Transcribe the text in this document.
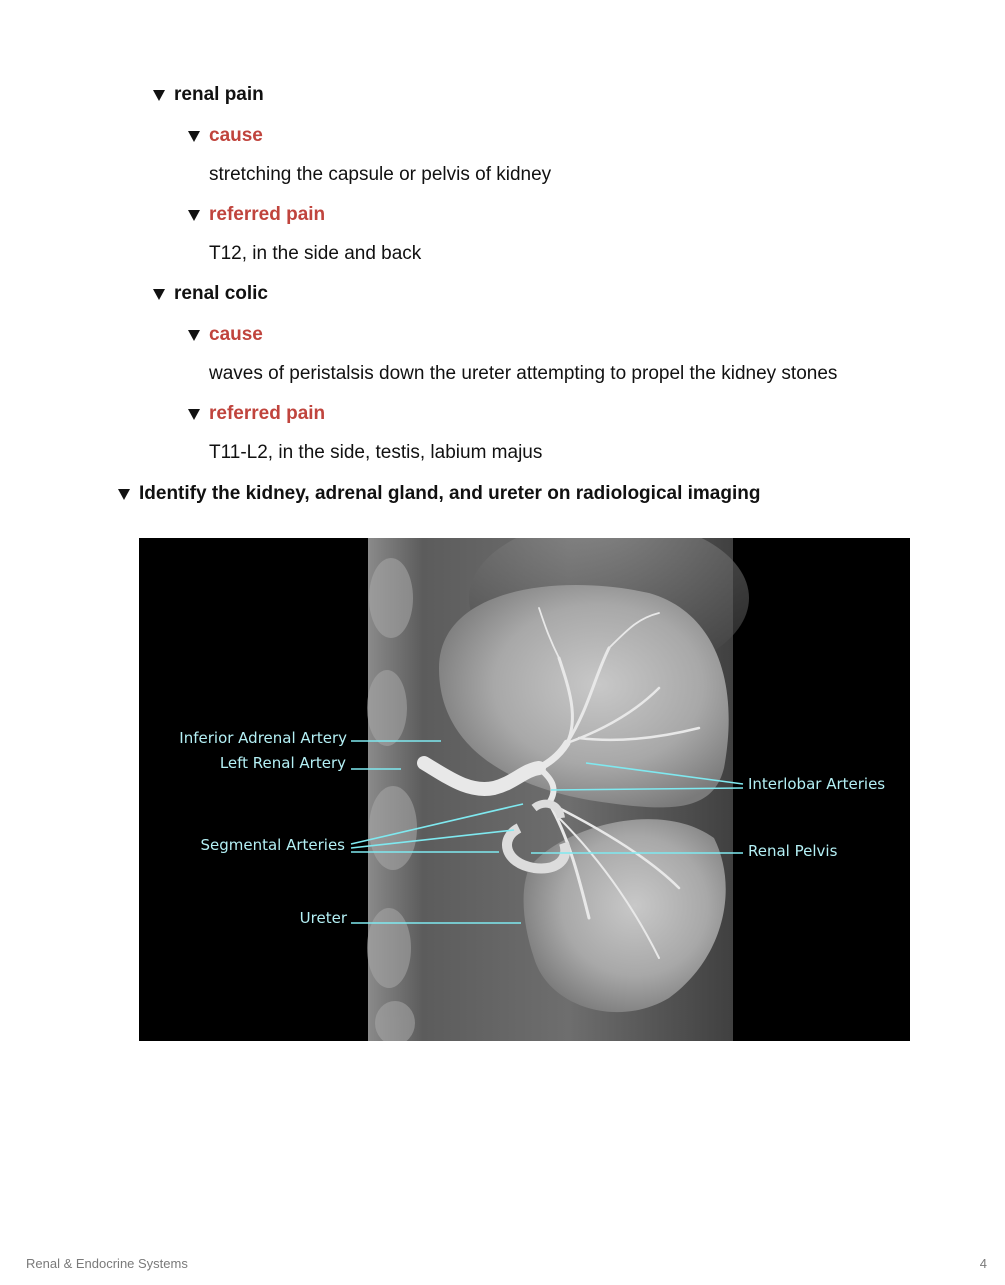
renal pain
cause
stretching the capsule or pelvis of kidney
referred pain
T12, in the side and back
renal colic
cause
waves of peristalsis down the ureter attempting to propel the kidney stones
referred pain
T11-L2, in the side, testis, labium majus
Identify the kidney, adrenal gland, and ureter on radiological imaging
Inferior Adrenal Artery
Left Renal Artery
Segmental Arteries
Ureter
Interlobar Arteries
Renal Pelvis
Renal & Endocrine Systems	4
